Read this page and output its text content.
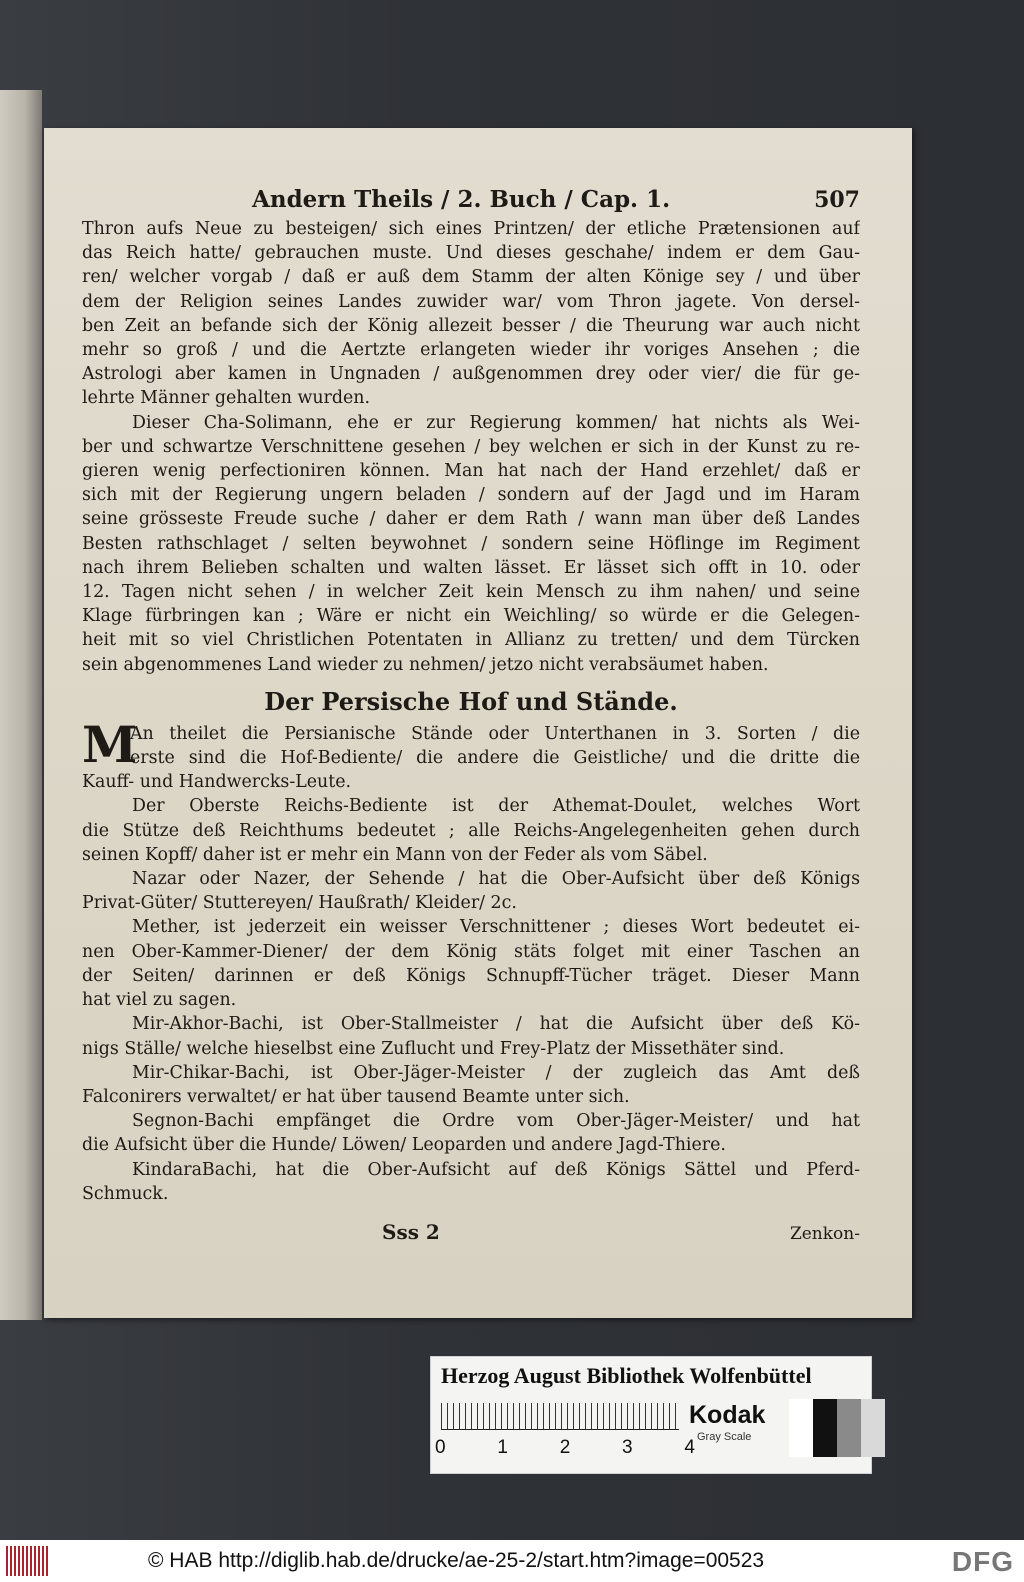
Andern Theils / 2. Buch / Cap. 1.	507
Thron aufs Neue zu besteigen/ sich eines Printzen/ der etliche Prætensionen auf
das Reich hatte/ gebrauchen muste. Und dieses geschahe/ indem er dem Gau-
ren/ welcher vorgab / daß er auß dem Stamm der alten Könige sey / und über
dem der Religion seines Landes zuwider war/ vom Thron jagete. Von dersel-
ben Zeit an befande sich der König allezeit besser / die Theurung war auch nicht
mehr so groß / und die Aertzte erlangeten wieder ihr voriges Ansehen ; die
Astrologi aber kamen in Ungnaden / außgenommen drey oder vier/ die für ge-
lehrte Männer gehalten wurden.
Dieser Cha-Solimann, ehe er zur Regierung kommen/ hat nichts als Wei-
ber und schwartze Verschnittene gesehen / bey welchen er sich in der Kunst zu re-
gieren wenig perfectioniren können. Man hat nach der Hand erzehlet/ daß er
sich mit der Regierung ungern beladen / sondern auf der Jagd und im Haram
seine grösseste Freude suche / daher er dem Rath / wann man über deß Landes
Besten rathschlaget / selten beywohnet / sondern seine Höflinge im Regiment
nach ihrem Belieben schalten und walten lässet. Er lässet sich offt in 10. oder
12. Tagen nicht sehen / in welcher Zeit kein Mensch zu ihm nahen/ und seine
Klage fürbringen kan ; Wäre er nicht ein Weichling/ so würde er die Gelegen-
heit mit so viel Christlichen Potentaten in Allianz zu tretten/ und dem Türcken
sein abgenommenes Land wieder zu nehmen/ jetzo nicht verabsäumet haben.
Der Persische Hof und Stände.
M
An theilet die Persianische Stände oder Unterthanen in 3. Sorten / die
erste sind die Hof-Bediente/ die andere die Geistliche/ und die dritte die
Kauff- und Handwercks-Leute.
Der Oberste Reichs-Bediente ist der Athemat-Doulet, welches Wort
die Stütze deß Reichthums bedeutet ; alle Reichs-Angelegenheiten gehen durch
seinen Kopff/ daher ist er mehr ein Mann von der Feder als vom Säbel.
Nazar oder Nazer, der Sehende / hat die Ober-Aufsicht über deß Königs
Privat-Güter/ Stuttereyen/ Haußrath/ Kleider/ 2c.
Mether, ist jederzeit ein weisser Verschnittener ; dieses Wort bedeutet ei-
nen Ober-Kammer-Diener/ der dem König stäts folget mit einer Taschen an
der Seiten/ darinnen er deß Königs Schnupff-Tücher träget. Dieser Mann
hat viel zu sagen.
Mir-Akhor-Bachi, ist Ober-Stallmeister / hat die Aufsicht über deß Kö-
nigs Ställe/ welche hieselbst eine Zuflucht und Frey-Platz der Missethäter sind.
Mir-Chikar-Bachi, ist Ober-Jäger-Meister / der zugleich das Amt deß
Falconirers verwaltet/ er hat über tausend Beamte unter sich.
Segnon-Bachi empfänget die Ordre vom Ober-Jäger-Meister/ und hat
die Aufsicht über die Hunde/ Löwen/ Leoparden und andere Jagd-Thiere.
KindaraBachi, hat die Ober-Aufsicht auf deß Königs Sättel und Pferd-
Schmuck.
Sss 2	Zenkon-
Herzog August Bibliothek Wolfenbüttel
0	1	2	3	4
Kodak
Gray Scale
© HAB http://diglib.hab.de/drucke/ae-25-2/start.htm?image=00523	DFG
